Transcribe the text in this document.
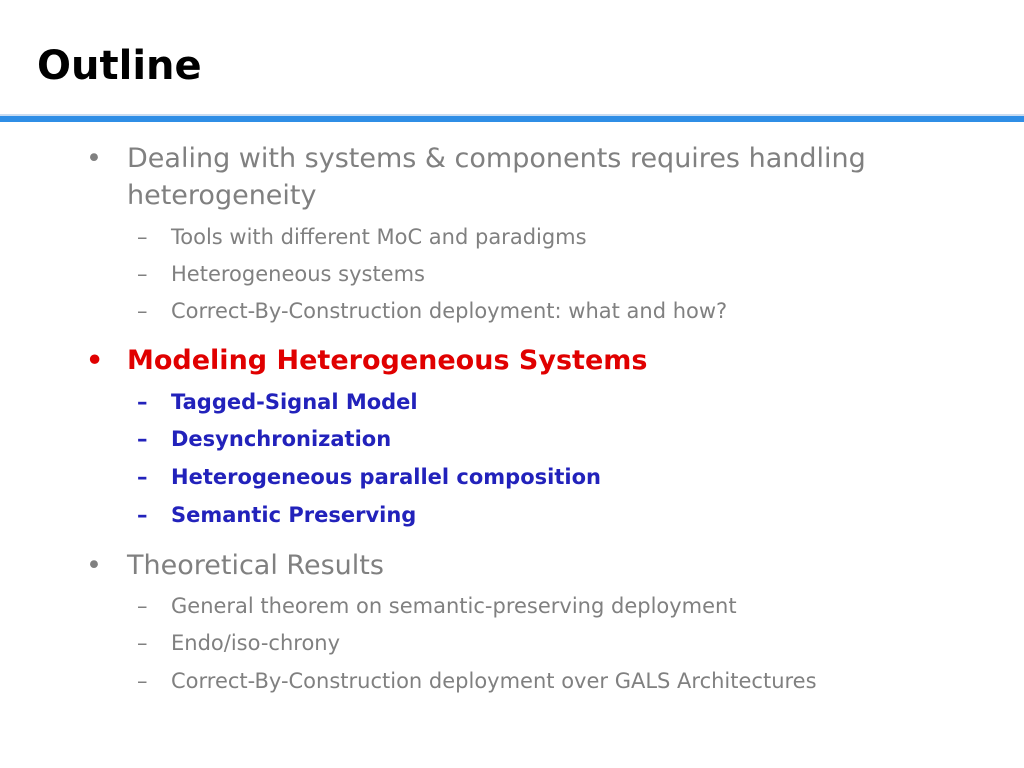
Outline
• Dealing with systems & components requires handling
heterogeneity
– Tools with different MoC and paradigms
– Heterogeneous systems
– Correct-By-Construction deployment: what and how?
• Modeling Heterogeneous Systems
– Tagged-Signal Model
– Desynchronization
– Heterogeneous parallel composition
– Semantic Preserving
• Theoretical Results
– General theorem on semantic-preserving deployment
– Endo/iso-chrony
– Correct-By-Construction deployment over GALS Architectures
